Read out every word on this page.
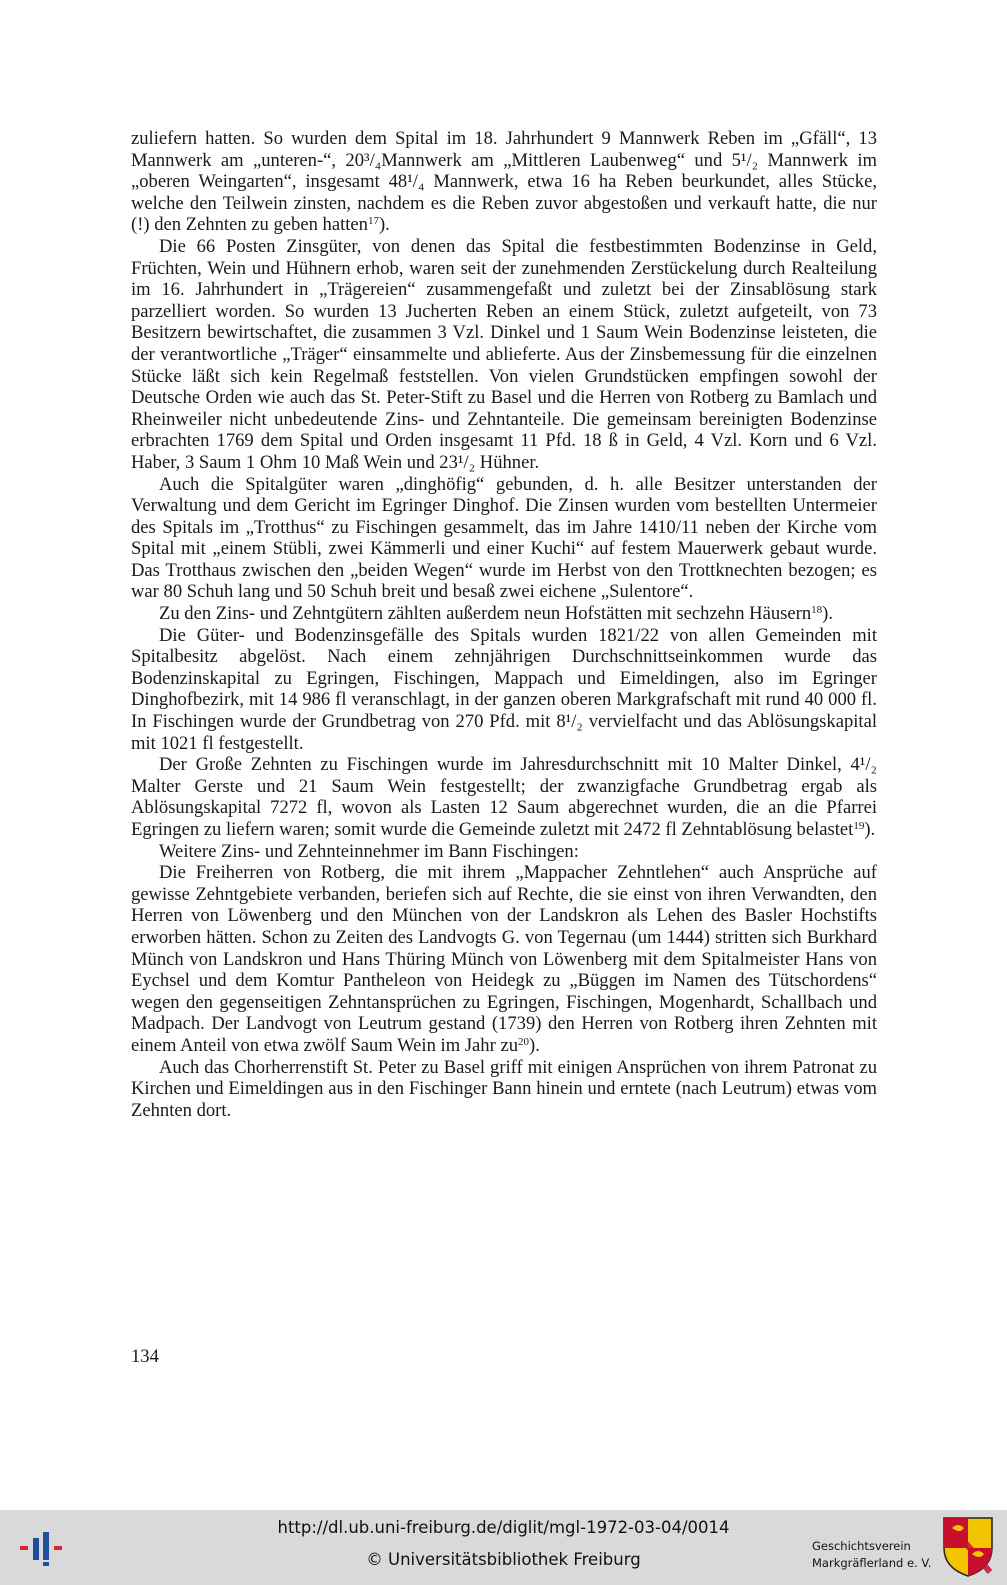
zuliefern hatten. So wurden dem Spital im 18. Jahrhundert 9 Mannwerk Reben im „Gfäll“, 13 Mannwerk am „unteren-“, 20³/₄Mannwerk am „Mittleren Laubenweg“ und 5¹/₂ Mannwerk im „oberen Weingarten“, insgesamt 48¹/₄ Mannwerk, etwa 16 ha Reben beurkundet, alles Stücke, welche den Teilwein zinsten, nachdem es die Reben zuvor abgestoßen und verkauft hatte, die nur (!) den Zehnten zu geben hatten$^{17}$).

Die 66 Posten Zinsgüter, von denen das Spital die festbestimmten Bodenzinse in Geld, Früchten, Wein und Hühnern erhob, waren seit der zunehmenden Zerstückelung durch Realteilung im 16. Jahrhundert in „Trägereien“ zusammengefaßt und zuletzt bei der Zinsablösung stark parzelliert worden. So wurden 13 Jucherten Reben an einem Stück, zuletzt aufgeteilt, von 73 Besitzern bewirtschaftet, die zusammen 3 Vzl. Dinkel und 1 Saum Wein Bodenzinse leisteten, die der verantwortliche „Träger“ einsammelte und ablieferte. Aus der Zinsbemessung für die einzelnen Stücke läßt sich kein Regelmaß feststellen. Von vielen Grundstücken empfingen sowohl der Deutsche Orden wie auch das St. Peter-Stift zu Basel und die Herren von Rotberg zu Bamlach und Rheinweiler nicht unbedeutende Zins- und Zehntanteile. Die gemeinsam bereinigten Bodenzinse erbrachten 1769 dem Spital und Orden insgesamt 11 Pfd. 18 ß in Geld, 4 Vzl. Korn und 6 Vzl. Haber, 3 Saum 1 Ohm 10 Maß Wein und 23¹/₂ Hühner.

Auch die Spitalgüter waren „dinghöfig“ gebunden, d. h. alle Besitzer unterstanden der Verwaltung und dem Gericht im Egringer Dinghof. Die Zinsen wurden vom bestellten Untermeier des Spitals im „Trotthus“ zu Fischingen gesammelt, das im Jahre 1410/11 neben der Kirche vom Spital mit „einem Stübli, zwei Kämmerli und einer Kuchi“ auf festem Mauerwerk gebaut wurde. Das Trotthaus zwischen den „beiden Wegen“ wurde im Herbst von den Trottknechten bezogen; es war 80 Schuh lang und 50 Schuh breit und besaß zwei eichene „Sulentore“.

Zu den Zins- und Zehntgütern zählten außerdem neun Hofstätten mit sechzehn Häusern$^{18}$).

Die Güter- und Bodenzinsgefälle des Spitals wurden 1821/22 von allen Gemeinden mit Spitalbesitz abgelöst. Nach einem zehnjährigen Durchschnittseinkommen wurde das Bodenzinskapital zu Egringen, Fischingen, Mappach und Eimeldingen, also im Egringer Dinghofbezirk, mit 14 986 fl veranschlagt, in der ganzen oberen Markgrafschaft mit rund 40 000 fl. In Fischingen wurde der Grundbetrag von 270 Pfd. mit 8¹/₂ vervielfacht und das Ablösungskapital mit 1021 fl festgestellt.

Der Große Zehnten zu Fischingen wurde im Jahresdurchschnitt mit 10 Malter Dinkel, 4¹/₂ Malter Gerste und 21 Saum Wein festgestellt; der zwanzigfache Grundbetrag ergab als Ablösungskapital 7272 fl, wovon als Lasten 12 Saum abgerechnet wurden, die an die Pfarrei Egringen zu liefern waren; somit wurde die Gemeinde zuletzt mit 2472 fl Zehntablösung belastet$^{19}$).

Weitere Zins- und Zehnteinnehmer im Bann Fischingen:

Die Freiherren von Rotberg, die mit ihrem „Mappacher Zehntlehen“ auch Ansprüche auf gewisse Zehntgebiete verbanden, beriefen sich auf Rechte, die sie einst von ihren Verwandten, den Herren von Löwenberg und den München von der Landskron als Lehen des Basler Hochstifts erworben hätten. Schon zu Zeiten des Landvogts G. von Tegernau (um 1444) stritten sich Burkhard Münch von Landskron und Hans Thüring Münch von Löwenberg mit dem Spitalmeister Hans von Eychsel und dem Komtur Pantheleon von Heidegk zu „Büggen im Namen des Tütschordens“ wegen den gegenseitigen Zehntansprüchen zu Egringen, Fischingen, Mogenhardt, Schallbach und Madpach. Der Landvogt von Leutrum gestand (1739) den Herren von Rotberg ihren Zehnten mit einem Anteil von etwa zwölf Saum Wein im Jahr zu$^{20}$).

Auch das Chorherrenstift St. Peter zu Basel griff mit einigen Ansprüchen von ihrem Patronat zu Kirchen und Eimeldingen aus in den Fischinger Bann hinein und erntete (nach Leutrum) etwas vom Zehnten dort.

134
http://dl.ub.uni-freiburg.de/diglit/mgl-1972-03-04/0014
© Universitätsbibliothek Freiburg
Geschichtsverein
Markgräflerland e. V.
